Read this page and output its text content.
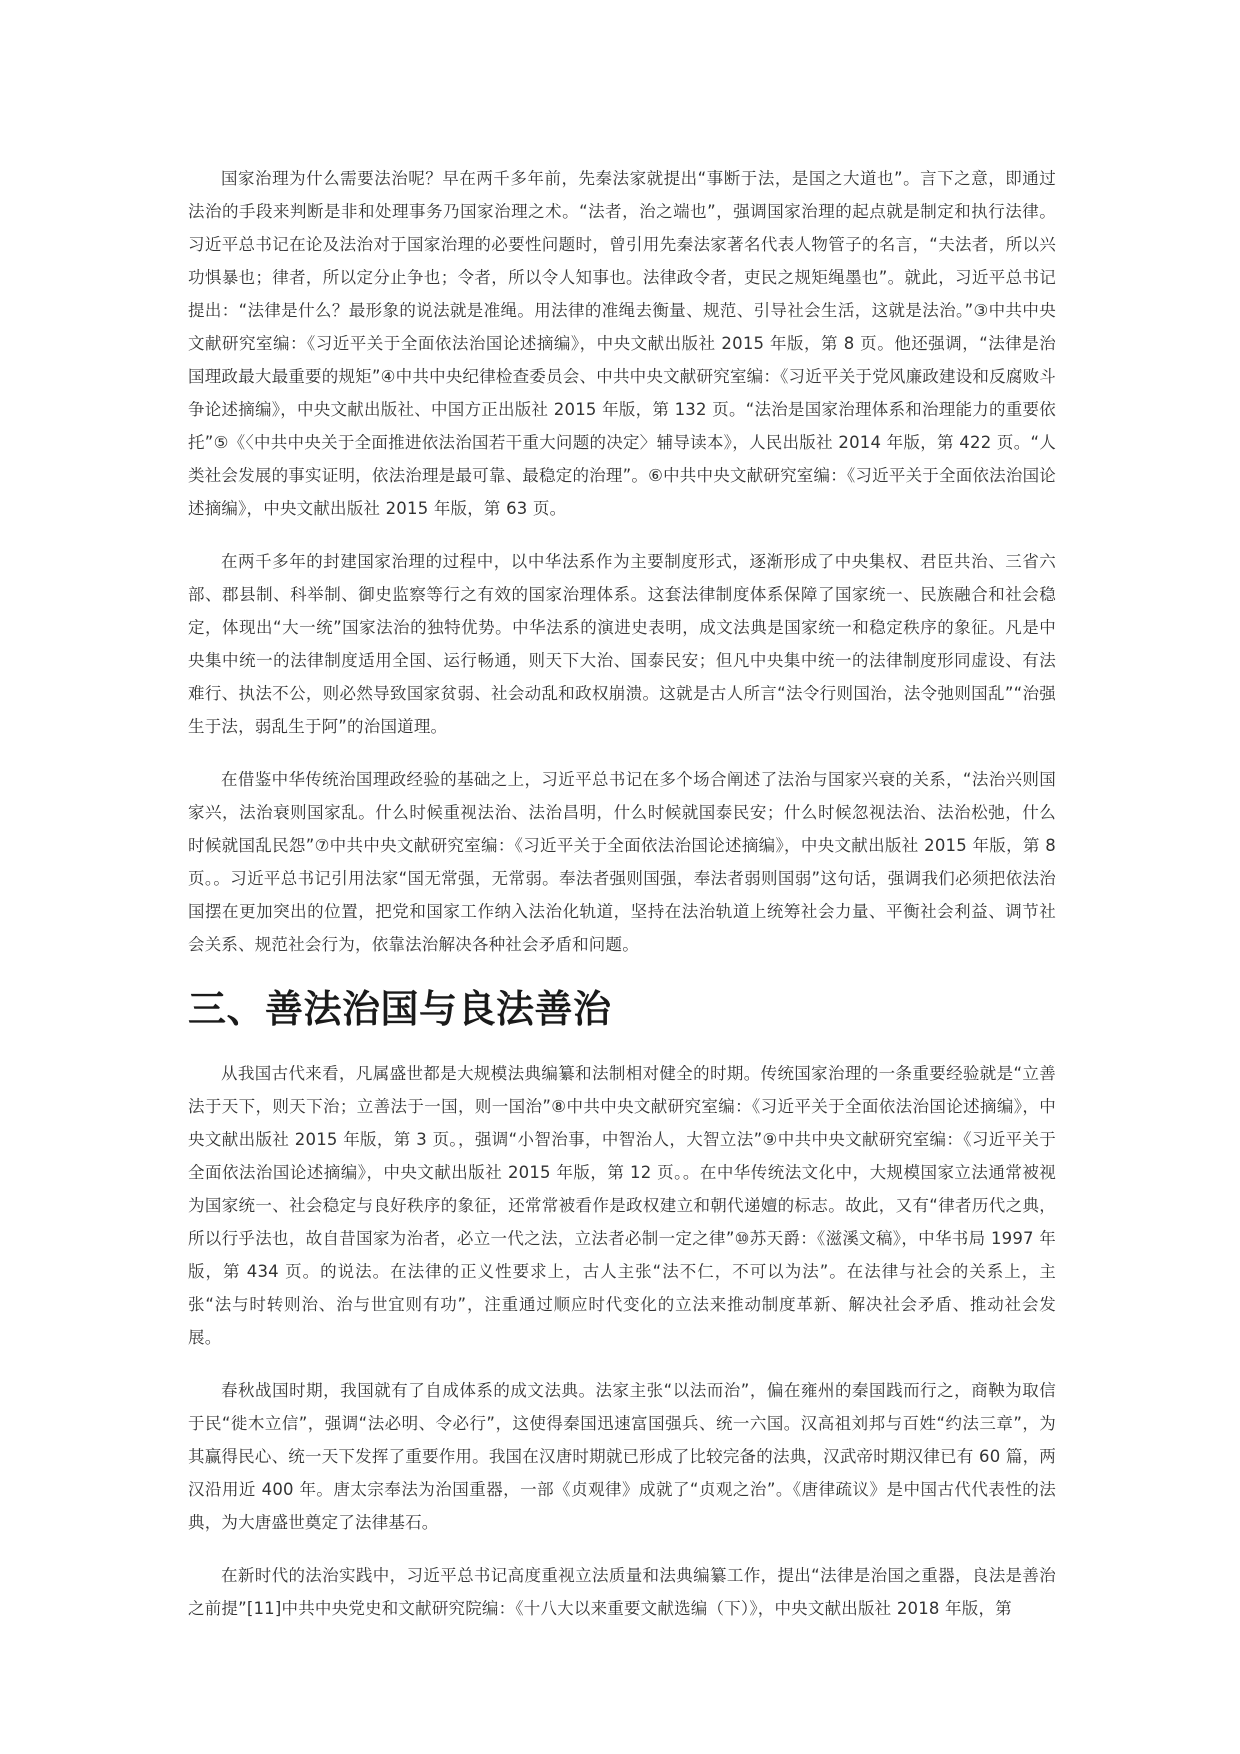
国家治理为什么需要法治呢？早在两千多年前，先秦法家就提出“事断于法，是国之大道也”。言下之意，即通过法治的手段来判断是非和处理事务乃国家治理之术。“法者，治之端也”，强调国家治理的起点就是制定和执行法律。习近平总书记在论及法治对于国家治理的必要性问题时，曾引用先秦法家著名代表人物管子的名言，“夫法者，所以兴功惧暴也；律者，所以定分止争也；令者，所以令人知事也。法律政令者，吏民之规矩绳墨也”。就此，习近平总书记提出：“法律是什么？最形象的说法就是准绳。用法律的准绳去衡量、规范、引导社会生活，这就是法治。”③中共中央文献研究室编：《习近平关于全面依法治国论述摘编》，中央文献出版社 2015 年版，第 8 页。他还强调，“法律是治国理政最大最重要的规矩”④中共中央纪律检查委员会、中共中央文献研究室编：《习近平关于党风廉政建设和反腐败斗争论述摘编》，中央文献出版社、中国方正出版社 2015 年版，第 132 页。“法治是国家治理体系和治理能力的重要依托”⑤《〈中共中央关于全面推进依法治国若干重大问题的决定〉辅导读本》，人民出版社 2014 年版，第 422 页。“人类社会发展的事实证明，依法治理是最可靠、最稳定的治理”。⑥中共中央文献研究室编：《习近平关于全面依法治国论述摘编》，中央文献出版社 2015 年版，第 63 页。

在两千多年的封建国家治理的过程中，以中华法系作为主要制度形式，逐渐形成了中央集权、君臣共治、三省六部、郡县制、科举制、御史监察等行之有效的国家治理体系。这套法律制度体系保障了国家统一、民族融合和社会稳定，体现出“大一统”国家法治的独特优势。中华法系的演进史表明，成文法典是国家统一和稳定秩序的象征。凡是中央集中统一的法律制度适用全国、运行畅通，则天下大治、国泰民安；但凡中央集中统一的法律制度形同虚设、有法难行、执法不公，则必然导致国家贫弱、社会动乱和政权崩溃。这就是古人所言“法令行则国治，法令弛则国乱”“治强生于法，弱乱生于阿”的治国道理。

在借鉴中华传统治国理政经验的基础之上，习近平总书记在多个场合阐述了法治与国家兴衰的关系，“法治兴则国家兴，法治衰则国家乱。什么时候重视法治、法治昌明，什么时候就国泰民安；什么时候忽视法治、法治松弛，什么时候就国乱民怨”⑦中共中央文献研究室编：《习近平关于全面依法治国论述摘编》，中央文献出版社 2015 年版，第 8 页。。习近平总书记引用法家“国无常强，无常弱。奉法者强则国强，奉法者弱则国弱”这句话，强调我们必须把依法治国摆在更加突出的位置，把党和国家工作纳入法治化轨道，坚持在法治轨道上统筹社会力量、平衡社会利益、调节社会关系、规范社会行为，依靠法治解决各种社会矛盾和问题。

三、善法治国与良法善治

从我国古代来看，凡属盛世都是大规模法典编纂和法制相对健全的时期。传统国家治理的一条重要经验就是“立善法于天下，则天下治；立善法于一国，则一国治”⑧中共中央文献研究室编：《习近平关于全面依法治国论述摘编》，中央文献出版社 2015 年版，第 3 页。，强调“小智治事，中智治人，大智立法”⑨中共中央文献研究室编：《习近平关于全面依法治国论述摘编》，中央文献出版社 2015 年版，第 12 页。。在中华传统法文化中，大规模国家立法通常被视为国家统一、社会稳定与良好秩序的象征，还常常被看作是政权建立和朝代递嬗的标志。故此，又有“律者历代之典，所以行乎法也，故自昔国家为治者，必立一代之法，立法者必制一定之律”⑩苏天爵：《滋溪文稿》，中华书局 1997 年版，第 434 页。的说法。在法律的正义性要求上，古人主张“法不仁，不可以为法”。在法律与社会的关系上，主张“法与时转则治、治与世宜则有功”，注重通过顺应时代变化的立法来推动制度革新、解决社会矛盾、推动社会发展。

春秋战国时期，我国就有了自成体系的成文法典。法家主张“以法而治”，偏在雍州的秦国践而行之，商鞅为取信于民“徙木立信”，强调“法必明、令必行”，这使得秦国迅速富国强兵、统一六国。汉高祖刘邦与百姓“约法三章”，为其赢得民心、统一天下发挥了重要作用。我国在汉唐时期就已形成了比较完备的法典，汉武帝时期汉律已有 60 篇，两汉沿用近 400 年。唐太宗奉法为治国重器，一部《贞观律》成就了“贞观之治”。《唐律疏议》是中国古代代表性的法典，为大唐盛世奠定了法律基石。

在新时代的法治实践中，习近平总书记高度重视立法质量和法典编纂工作，提出“法律是治国之重器，良法是善治之前提”[11]中共中央党史和文献研究院编：《十八大以来重要文献选编（下）》，中央文献出版社 2018 年版，第
